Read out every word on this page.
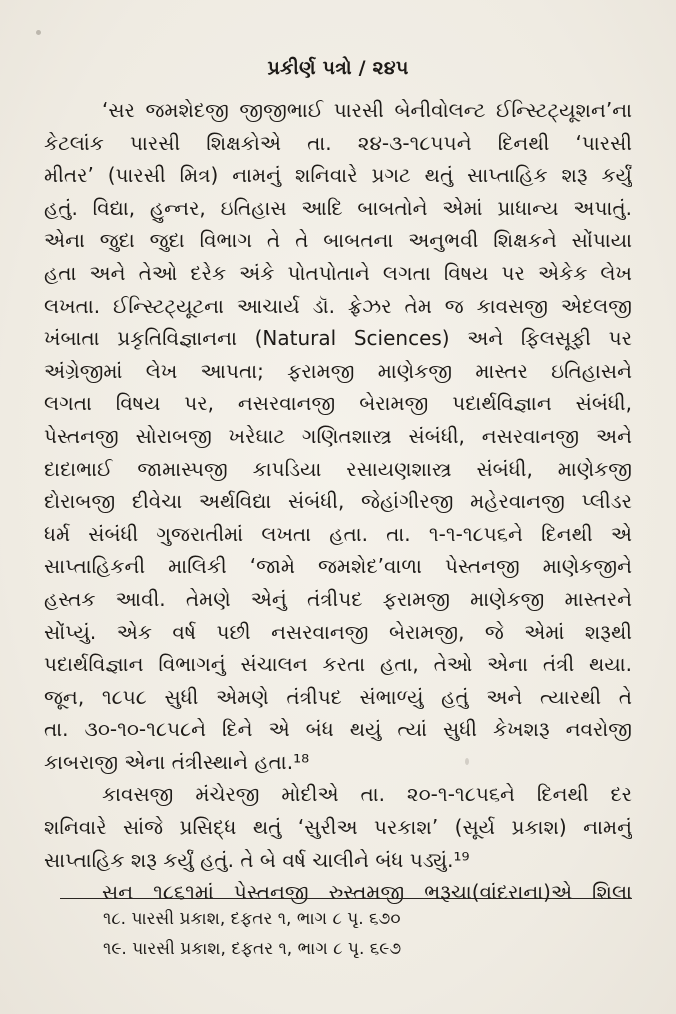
પ્રકીર્ણ પત્રો / ૨૪૫
‘સર જમશેદજી જીજીભાઈ પારસી બેનીવોલન્ટ ઈન્સ્ટિટ્યૂશન’ના
કેટલાંક પારસી શિક્ષકોએ તા. ૨૪-૩-૧૮૫૫ને દિનથી ‘પારસી
મીતર’ (પારસી મિત્ર) નામનું શનિવારે પ્રગટ થતું સાપ્તાહિક શરૂ કર્યું
હતું. વિદ્યા, હુન્નર, ઇતિહાસ આદિ બાબતોને એમાં પ્રાધાન્ય અપાતું.
એના જુદા જુદા વિભાગ તે તે બાબતના અનુભવી શિક્ષકને સોંપાયા
હતા અને તેઓ દરેક અંકે પોતપોતાને લગતા વિષય પર એકેક લેખ
લખતા. ઈન્સ્ટિટ્યૂટના આચાર્ય ડૉ. ફ્રેઝર તેમ જ કાવસજી એદલજી
ખંબાતા પ્રકૃતિવિજ્ઞાનના (Natural Sciences) અને ફિલસૂફી પર
અંગ્રેજીમાં લેખ આપતા; ફરામજી માણેકજી માસ્તર ઇતિહાસને
લગતા વિષય પર, નસરવાનજી બેરામજી પદાર્થવિજ્ઞાન સંબંધી,
પેસ્તનજી સોરાબજી ખરેઘાટ ગણિતશાસ્ત્ર સંબંધી, નસરવાનજી અને
દાદાભાઈ જામાસ્પજી કાપડિયા રસાયણશાસ્ત્ર સંબંધી, માણેકજી
દોરાબજી દીવેચા અર્થવિદ્યા સંબંધી, જેહાંગીરજી મહેરવાનજી પ્લીડર
ધર્મ સંબંધી ગુજરાતીમાં લખતા હતા. તા. ૧-૧-૧૮૫૬ને દિનથી એ
સાપ્તાહિકની માલિકી ‘જામે જમશેદ’વાળા પેસ્તનજી માણેકજીને
હસ્તક આવી. તેમણે એનું તંત્રીપદ ફરામજી માણેકજી માસ્તરને
સોંપ્યું. એક વર્ષ પછી નસરવાનજી બેરામજી, જે એમાં શરૂથી
પદાર્થવિજ્ઞાન વિભાગનું સંચાલન કરતા હતા, તેઓ એના તંત્રી થયા.
જૂન, ૧૮૫૮ સુધી એમણે તંત્રીપદ સંભાળ્યું હતું અને ત્યારથી તે
તા. ૩૦-૧૦-૧૮૫૮ને દિને એ બંધ થયું ત્યાં સુધી કેખશરૂ નવરોજી
કાબરાજી એના તંત્રીસ્થાને હતા.¹⁸
કાવસજી મંચેરજી મોદીએ તા. ૨૦-૧-૧૮૫૬ને દિનથી દર
શનિવારે સાંજે પ્રસિદ્ધ થતું ‘સુરીઅ પરકાશ’ (સૂર્ય પ્રકાશ) નામનું
સાપ્તાહિક શરૂ કર્યું હતું. તે બે વર્ષ ચાલીને બંધ પડ્યું.¹⁹
સન ૧૮૬૧માં પેસ્તનજી રુસ્તમજી ભરૂચા(વાંદરાના)એ શિલા
૧૮. પારસી પ્રકાશ, દફતર ૧, ભાગ ૮ પૃ. ૬૭૦
૧૯. પારસી પ્રકાશ, દફતર ૧, ભાગ ૮ પૃ. ૬૯૭
